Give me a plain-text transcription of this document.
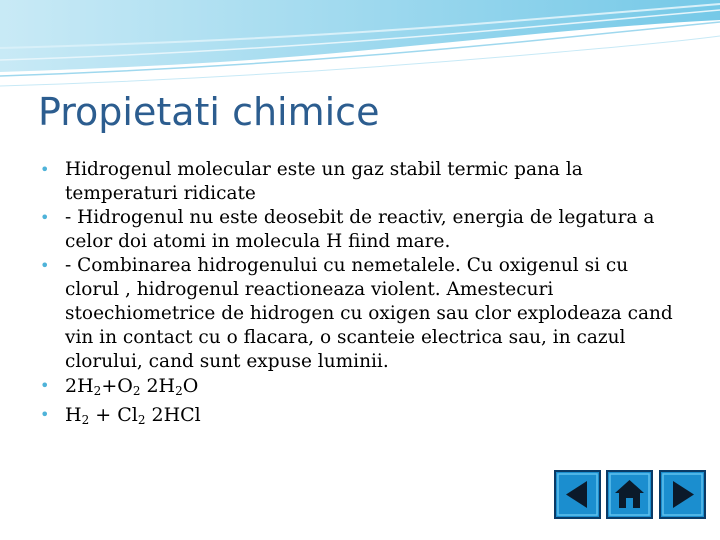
Propietati chimice
• Hidrogenul molecular este un gaz stabil termic pana la temperaturi ridicate
• - Hidrogenul nu este deosebit de reactiv, energia de legatura a celor doi atomi in molecula H fiind mare.
• - Combinarea hidrogenului cu nemetalele. Cu oxigenul si cu clorul , hidrogenul reactioneaza violent. Amestecuri stoechiometrice de hidrogen cu oxigen sau clor explodeaza cand vin in contact cu o flacara, o scanteie electrica sau, in cazul clorului, cand sunt expuse luminii.
• $2H_2+O_2$ $2H_2O$
• $H_2 + Cl_2$ 2HCl
